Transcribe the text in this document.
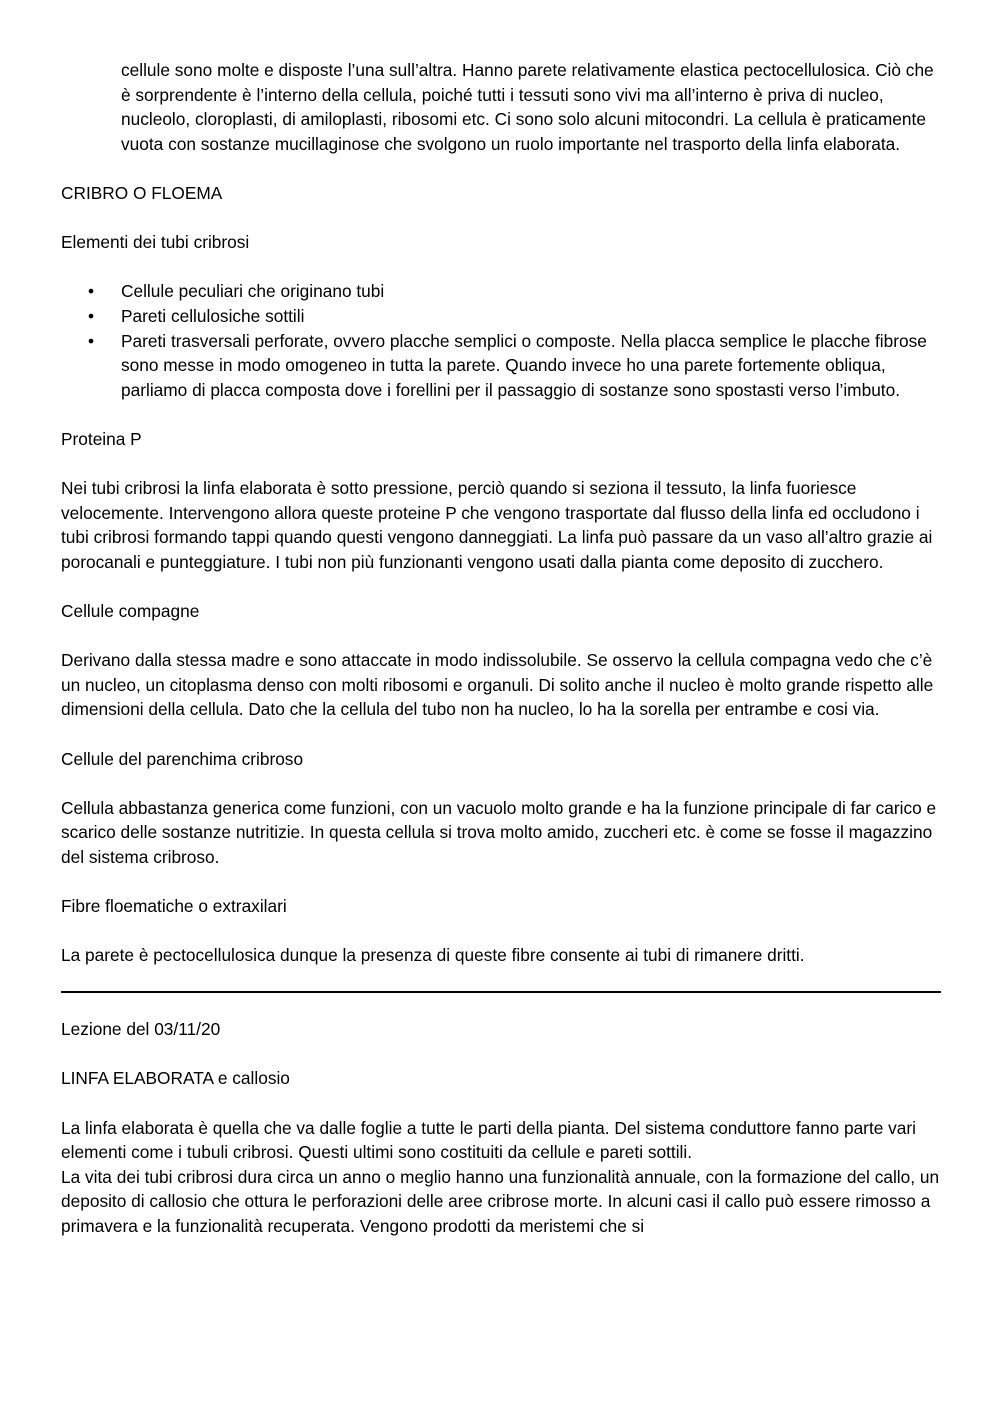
cellule sono molte e disposte l’una sull’altra. Hanno parete relativamente elastica pectocellulosica. Ciò che è sorprendente è l’interno della cellula, poiché tutti i tessuti sono vivi ma all’interno è priva di nucleo, nucleolo, cloroplasti, di amiloplasti, ribosomi etc. Ci sono solo alcuni mitocondri. La cellula è praticamente vuota con sostanze mucillaginose che svolgono un ruolo importante nel trasporto della linfa elaborata.

CRIBRO O FLOEMA

Elementi dei tubi cribrosi

• Cellule peculiari che originano tubi
• Pareti cellulosiche sottili
• Pareti trasversali perforate, ovvero placche semplici o composte. Nella placca semplice le placche fibrose sono messe in modo omogeneo in tutta la parete. Quando invece ho una parete fortemente obliqua, parliamo di placca composta dove i forellini per il passaggio di sostanze sono spostasti verso l’imbuto.

Proteina P

Nei tubi cribrosi la linfa elaborata è sotto pressione, perciò quando si seziona il tessuto, la linfa fuoriesce velocemente. Intervengono allora queste proteine P che vengono trasportate dal flusso della linfa ed occludono i tubi cribrosi formando tappi quando questi vengono danneggiati. La linfa può passare da un vaso all’altro grazie ai porocanali e punteggiature. I tubi non più funzionanti vengono usati dalla pianta come deposito di zucchero.

Cellule compagne

Derivano dalla stessa madre e sono attaccate in modo indissolubile. Se osservo la cellula compagna vedo che c’è un nucleo, un citoplasma denso con molti ribosomi e organuli. Di solito anche il nucleo è molto grande rispetto alle dimensioni della cellula. Dato che la cellula del tubo non ha nucleo, lo ha la sorella per entrambe e cosi via.

Cellule del parenchima cribroso

Cellula abbastanza generica come funzioni, con un vacuolo molto grande e ha la funzione principale di far carico e scarico delle sostanze nutritizie. In questa cellula si trova molto amido, zuccheri etc. è come se fosse il magazzino del sistema cribroso.

Fibre floematiche o extraxilari

La parete è pectocellulosica dunque la presenza di queste fibre consente ai tubi di rimanere dritti.

Lezione del 03/11/20

LINFA ELABORATA e callosio

La linfa elaborata è quella che va dalle foglie a tutte le parti della pianta. Del sistema conduttore fanno parte vari elementi come i tubuli cribrosi. Questi ultimi sono costituiti da cellule e pareti sottili.

La vita dei tubi cribrosi dura circa un anno o meglio hanno una funzionalità annuale, con la formazione del callo, un deposito di callosio che ottura le perforazioni delle aree cribrose morte. In alcuni casi il callo può essere rimosso a primavera e la funzionalità recuperata. Vengono prodotti da meristemi che si
